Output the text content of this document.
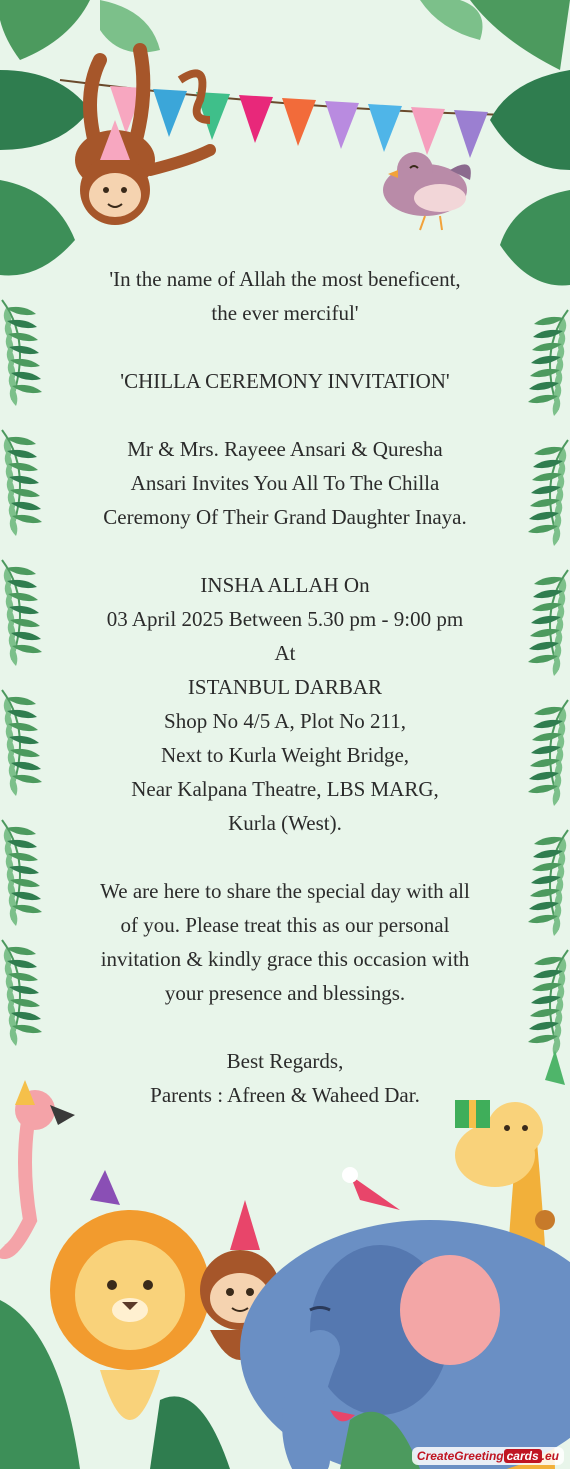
'In the name of Allah the most beneficent,

the ever merciful'

'CHILLA CEREMONY INVITATION'

Mr & Mrs. Rayeee Ansari & Quresha

Ansari Invites You All To The Chilla

Ceremony Of Their Grand Daughter Inaya.

INSHA ALLAH On

03 April 2025 Between 5.30 pm - 9:00 pm

At

ISTANBUL DARBAR

Shop No 4/5 A, Plot No 211,

Next to Kurla Weight Bridge,

Near Kalpana Theatre, LBS MARG,

Kurla (West).

We are here to share the special day with all

of you. Please treat this as our personal

invitation & kindly grace this occasion with

your presence and blessings.

Best Regards,

Parents : Afreen & Waheed Dar.

CreateGreeting cards .eu
